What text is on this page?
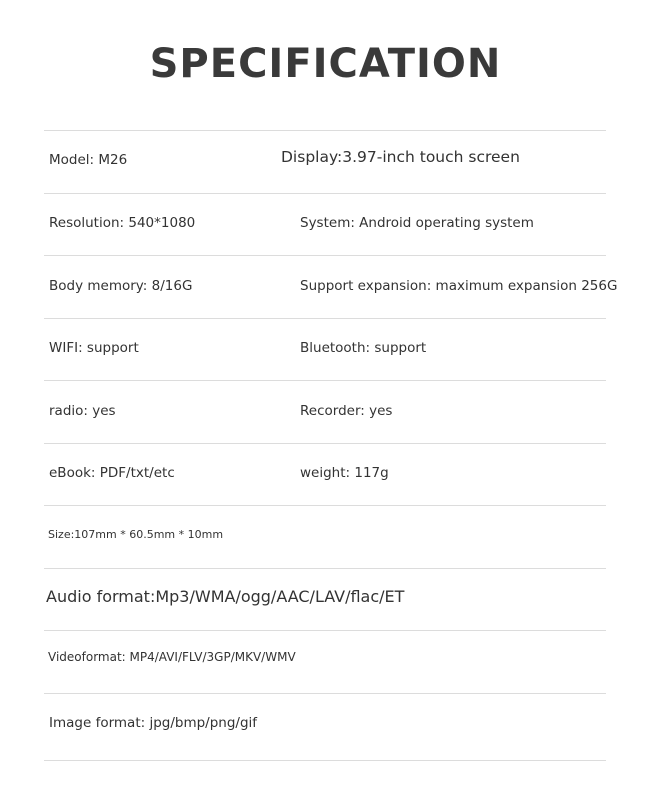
SPECIFICATION
Model: M26	Display:3.97-inch touch screen
Resolution: 540*1080	System: Android operating system
Body memory: 8/16G	Support expansion: maximum expansion 256G
WIFI: support	Bluetooth: support
radio: yes	Recorder: yes
eBook: PDF/txt/etc	weight: 117g
Size:107mm * 60.5mm * 10mm
Audio format:Mp3/WMA/ogg/AAC/LAV/flac/ET
Videoformat: MP4/AVI/FLV/3GP/MKV/WMV
Image format: jpg/bmp/png/gif
